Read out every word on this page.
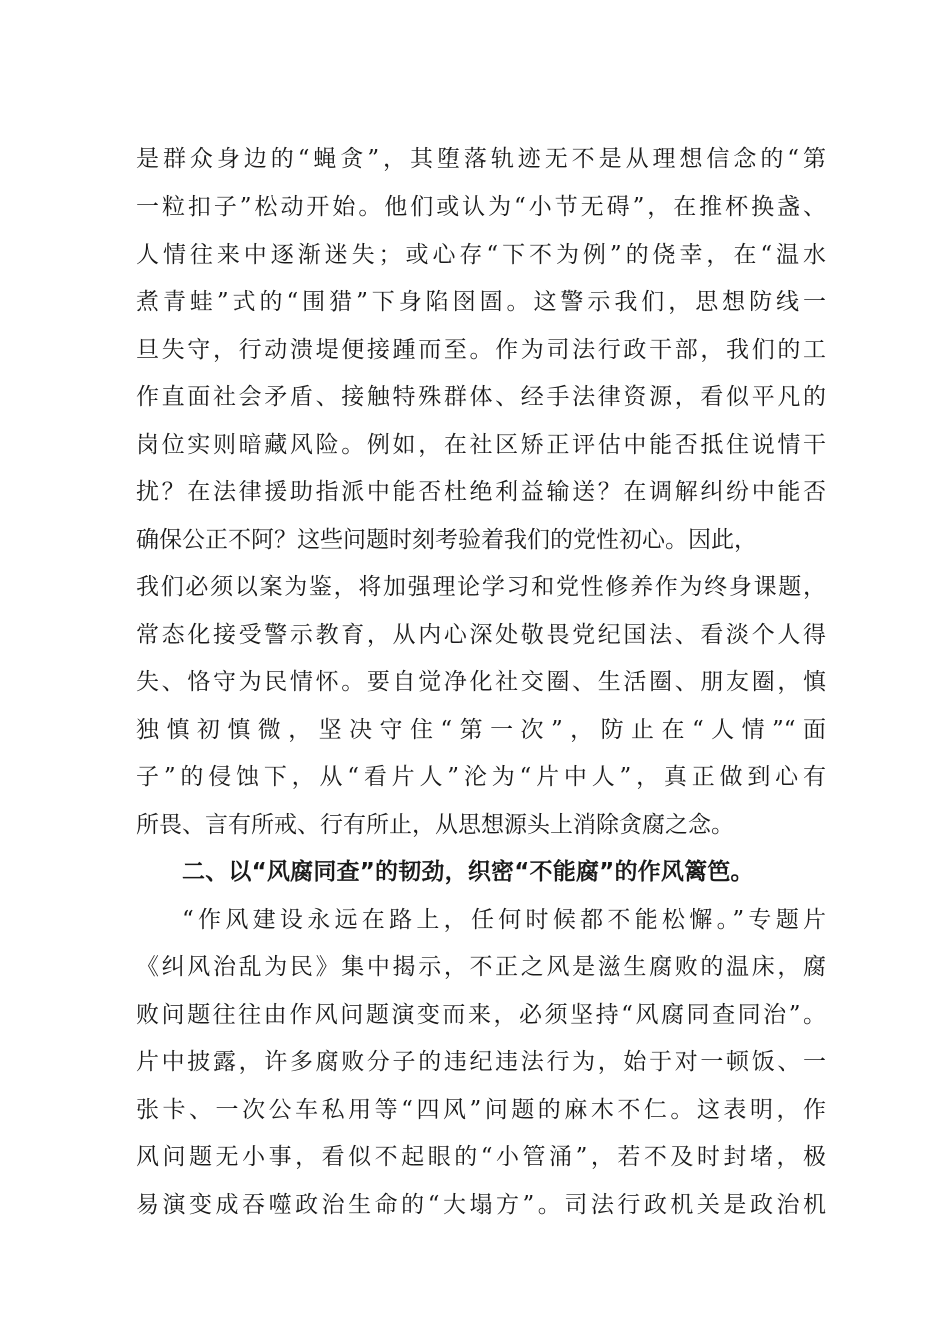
是群众身边的“蝇贪”，其堕落轨迹无不是从理想信念的“第
一粒扣子”松动开始。他们或认为“小节无碍”，在推杯换盏、
人情往来中逐渐迷失；或心存“下不为例”的侥幸，在“温水
煮青蛙”式的“围猎”下身陷囹圄。这警示我们，思想防线一
旦失守，行动溃堤便接踵而至。作为司法行政干部，我们的工
作直面社会矛盾、接触特殊群体、经手法律资源，看似平凡的
岗位实则暗藏风险。例如，在社区矫正评估中能否抵住说情干
扰？在法律援助指派中能否杜绝利益输送？在调解纠纷中能否
确保公正不阿？这些问题时刻考验着我们的党性初心。因此，
我们必须以案为鉴，将加强理论学习和党性修养作为终身课题，
常态化接受警示教育，从内心深处敬畏党纪国法、看淡个人得
失、恪守为民情怀。要自觉净化社交圈、生活圈、朋友圈，慎
独慎初慎微，坚决守住“第一次”，防止在“人情”“面
子”的侵蚀下，从“看片人”沦为“片中人”，真正做到心有
所畏、言有所戒、行有所止，从思想源头上消除贪腐之念。
二、以“风腐同查”的韧劲，织密“不能腐”的作风篱笆。
“作风建设永远在路上，任何时候都不能松懈。”专题片
《纠风治乱为民》集中揭示，不正之风是滋生腐败的温床，腐
败问题往往由作风问题演变而来，必须坚持“风腐同查同治”。
片中披露，许多腐败分子的违纪违法行为，始于对一顿饭、一
张卡、一次公车私用等“四风”问题的麻木不仁。这表明，作
风问题无小事，看似不起眼的“小管涌”，若不及时封堵，极
易演变成吞噬政治生命的“大塌方”。司法行政机关是政治机
